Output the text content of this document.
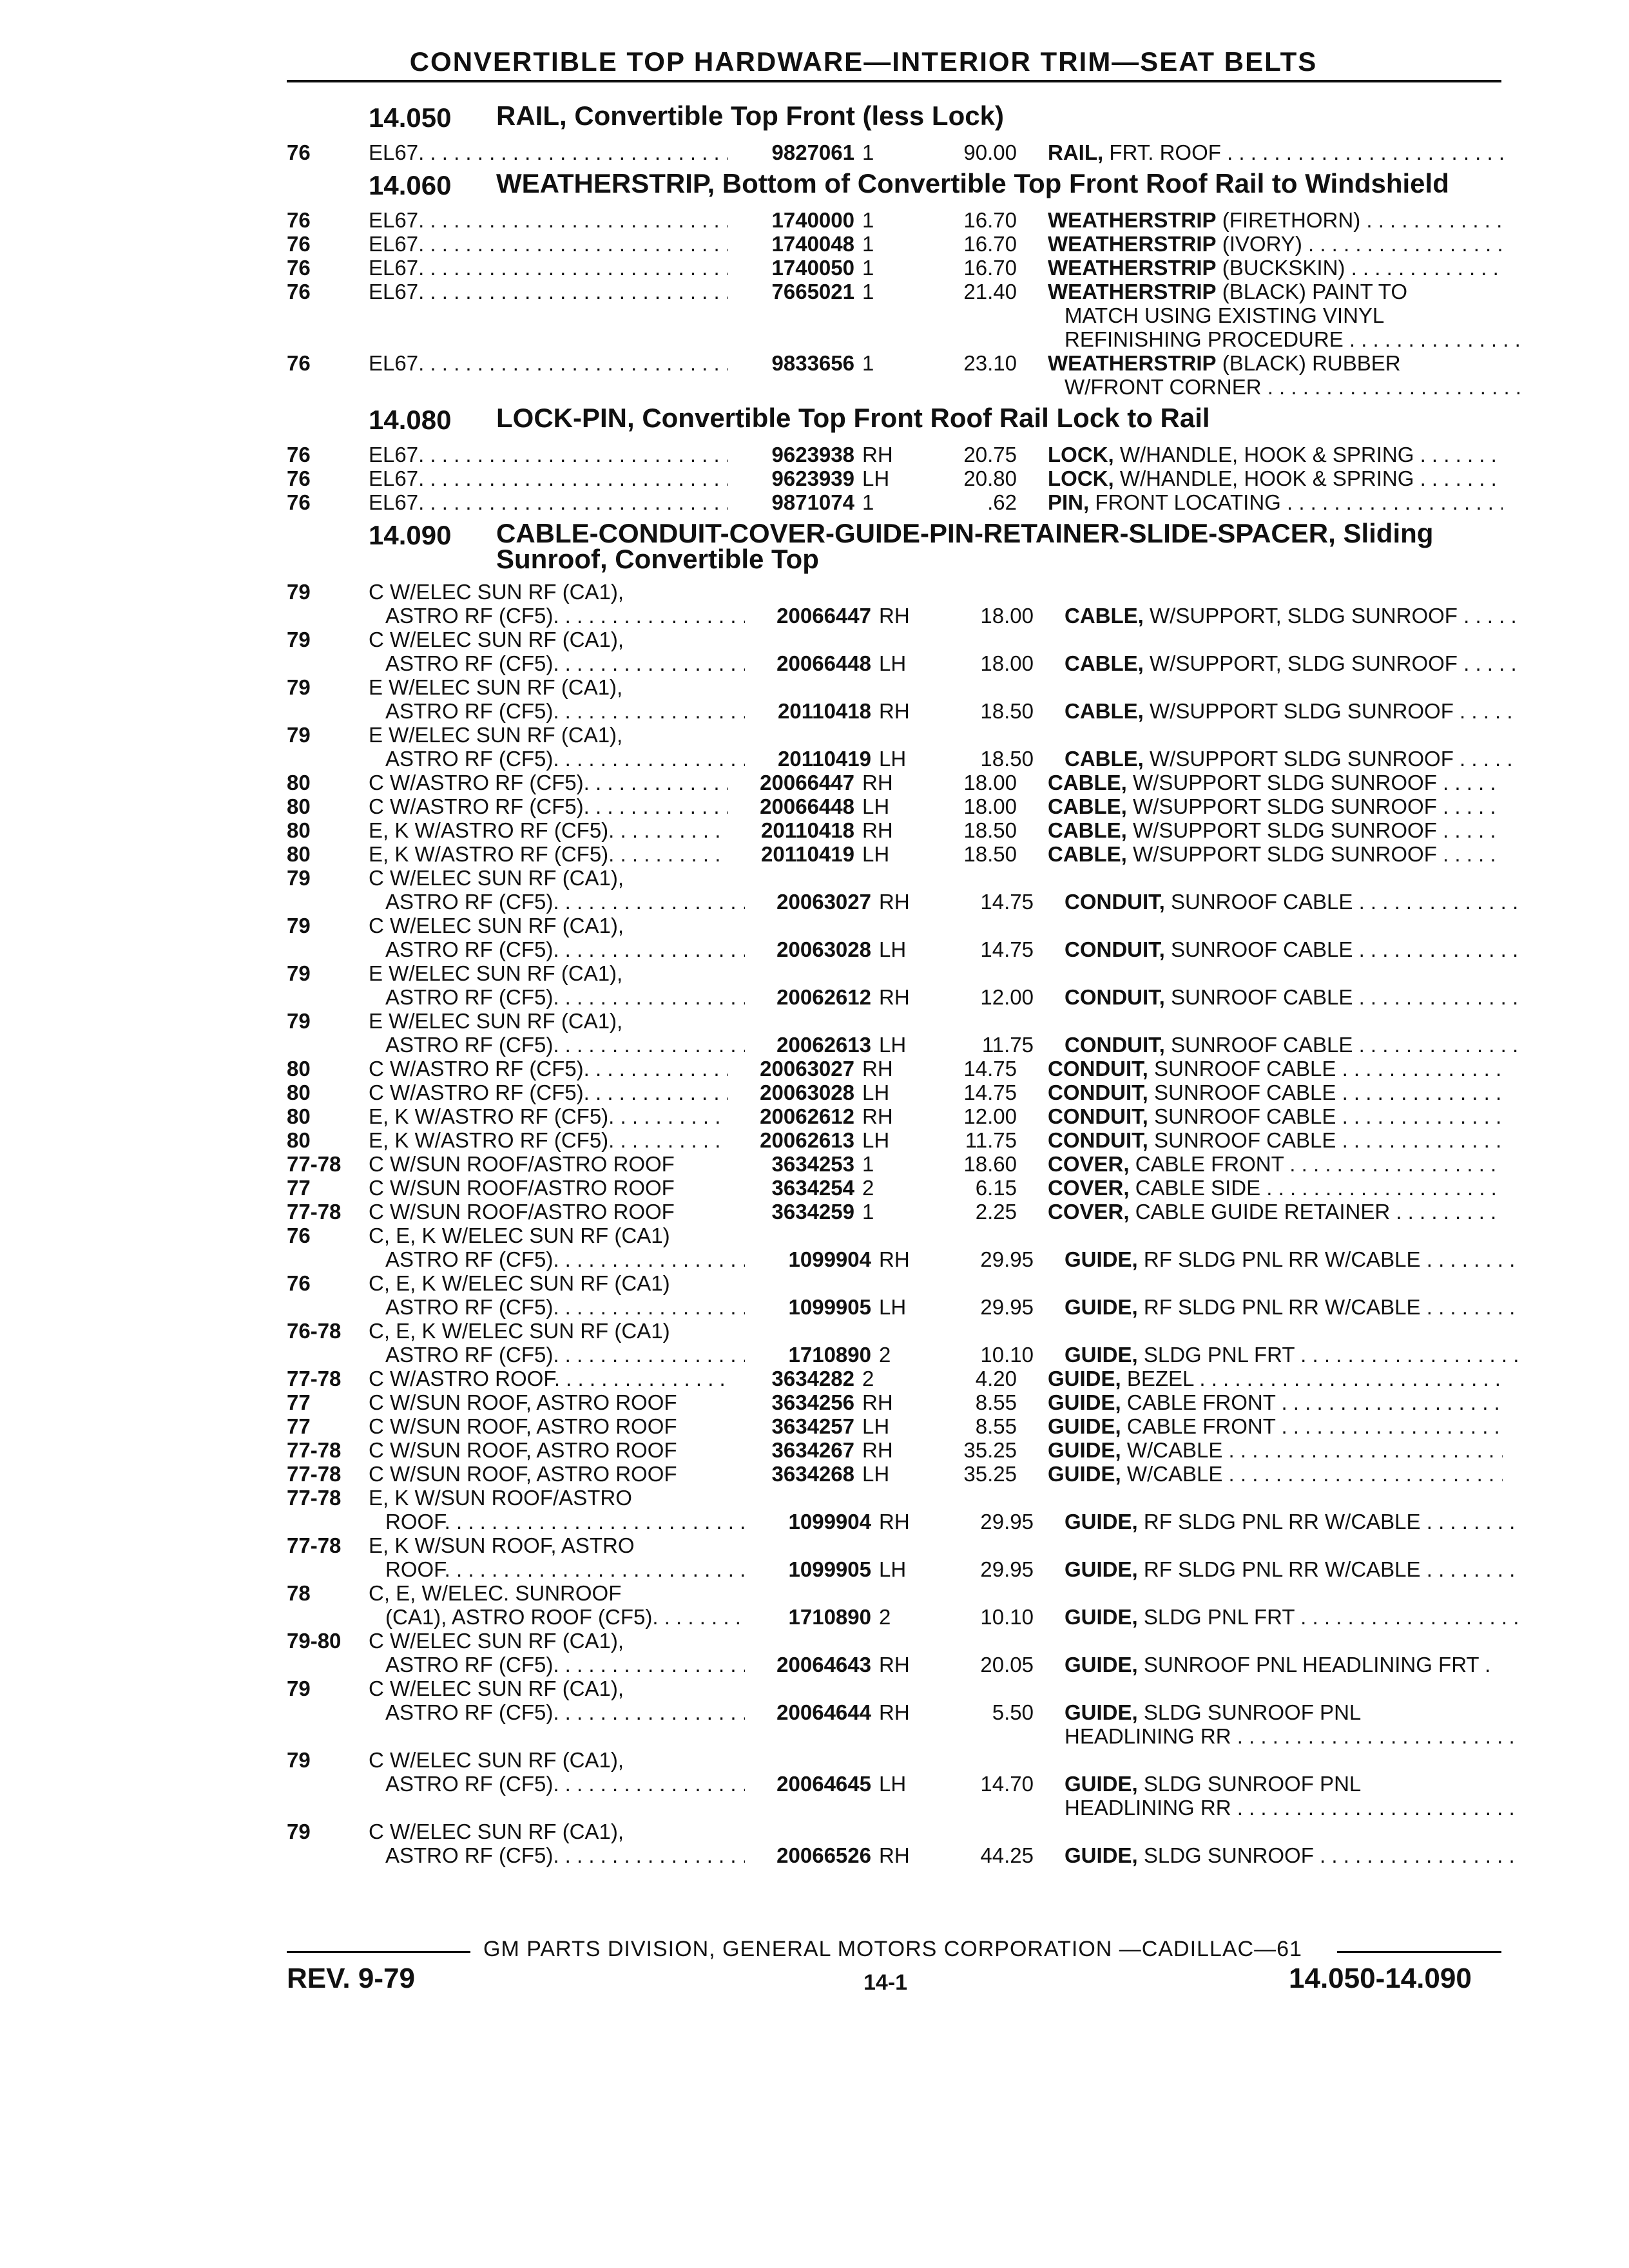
CONVERTIBLE TOP HARDWARE—INTERIOR TRIM—SEAT BELTS
14.050	RAIL, Convertible Top Front (less Lock)
76	EL67 . . .	9827061 1	90.00	RAIL, FRT. ROOF . . .
14.060	WEATHERSTRIP, Bottom of Convertible Top Front Roof Rail to Windshield
76	EL67 . . .	1740000 1	16.70	WEATHERSTRIP (FIRETHORN) . . .
76	EL67 . . .	1740048 1	16.70	WEATHERSTRIP (IVORY) . . .
76	EL67 . . .	1740050 1	16.70	WEATHERSTRIP (BUCKSKIN) . . .
76	EL67 . . .	7665021 1	21.40	WEATHERSTRIP (BLACK) PAINT TO
MATCH USING EXISTING VINYL
REFINISHING PROCEDURE . . .
76	EL67 . . .	9833656 1	23.10	WEATHERSTRIP (BLACK) RUBBER
W/FRONT CORNER . . .
14.080	LOCK-PIN, Convertible Top Front Roof Rail Lock to Rail
76	EL67 . . .	9623938 RH	20.75	LOCK, W/HANDLE, HOOK & SPRING . . .
76	EL67 . . .	9623939 LH	20.80	LOCK, W/HANDLE, HOOK & SPRING . . .
76	EL67 . . .	9871074 1	.62	PIN, FRONT LOCATING . . .
14.090	CABLE-CONDUIT-COVER-GUIDE-PIN-RETAINER-SLIDE-SPACER, Sliding Sunroof, Convertible Top
79	C W/ELEC SUN RF (CA1),
ASTRO RF (CF5) . . .	20066447 RH	18.00	CABLE, W/SUPPORT, SLDG SUNROOF . . .
79	C W/ELEC SUN RF (CA1),
ASTRO RF (CF5) . . .	20066448 LH	18.00	CABLE, W/SUPPORT, SLDG SUNROOF . . .
79	E W/ELEC SUN RF (CA1),
ASTRO RF (CF5) . . .	20110418 RH	18.50	CABLE, W/SUPPORT SLDG SUNROOF . . .
79	E W/ELEC SUN RF (CA1),
ASTRO RF (CF5) . . .	20110419 LH	18.50	CABLE, W/SUPPORT SLDG SUNROOF . . .
80	C W/ASTRO RF (CF5) . . .	20066447 RH	18.00	CABLE, W/SUPPORT SLDG SUNROOF . . .
80	C W/ASTRO RF (CF5) . . .	20066448 LH	18.00	CABLE, W/SUPPORT SLDG SUNROOF . . .
80	E, K W/ASTRO RF (CF5) . . .	20110418 RH	18.50	CABLE, W/SUPPORT SLDG SUNROOF . . .
80	E, K W/ASTRO RF (CF5) . . .	20110419 LH	18.50	CABLE, W/SUPPORT SLDG SUNROOF . . .
79	C W/ELEC SUN RF (CA1),
ASTRO RF (CF5) . . .	20063027 RH	14.75	CONDUIT, SUNROOF CABLE . . .
79	C W/ELEC SUN RF (CA1),
ASTRO RF (CF5) . . .	20063028 LH	14.75	CONDUIT, SUNROOF CABLE . . .
79	E W/ELEC SUN RF (CA1),
ASTRO RF (CF5) . . .	20062612 RH	12.00	CONDUIT, SUNROOF CABLE . . .
79	E W/ELEC SUN RF (CA1),
ASTRO RF (CF5) . . .	20062613 LH	11.75	CONDUIT, SUNROOF CABLE . . .
80	C W/ASTRO RF (CF5) . . .	20063027 RH	14.75	CONDUIT, SUNROOF CABLE . . .
80	C W/ASTRO RF (CF5) . . .	20063028 LH	14.75	CONDUIT, SUNROOF CABLE . . .
80	E, K W/ASTRO RF (CF5) . . .	20062612 RH	12.00	CONDUIT, SUNROOF CABLE . . .
80	E, K W/ASTRO RF (CF5) . . .	20062613 LH	11.75	CONDUIT, SUNROOF CABLE . . .
77-78	C W/SUN ROOF/ASTRO ROOF	3634253 1	18.60	COVER, CABLE FRONT . . .
77	C W/SUN ROOF/ASTRO ROOF	3634254 2	6.15	COVER, CABLE SIDE . . .
77-78	C W/SUN ROOF/ASTRO ROOF	3634259 1	2.25	COVER, CABLE GUIDE RETAINER . . .
76	C, E, K W/ELEC SUN RF (CA1)
ASTRO RF (CF5) . . .	1099904 RH	29.95	GUIDE, RF SLDG PNL RR W/CABLE . . .
76	C, E, K W/ELEC SUN RF (CA1)
ASTRO RF (CF5) . . .	1099905 LH	29.95	GUIDE, RF SLDG PNL RR W/CABLE . . .
76-78	C, E, K W/ELEC SUN RF (CA1)
ASTRO RF (CF5) . . .	1710890 2	10.10	GUIDE, SLDG PNL FRT . . .
77-78	C W/ASTRO ROOF . . .	3634282 2	4.20	GUIDE, BEZEL . . .
77	C W/SUN ROOF, ASTRO ROOF	3634256 RH	8.55	GUIDE, CABLE FRONT . . .
77	C W/SUN ROOF, ASTRO ROOF	3634257 LH	8.55	GUIDE, CABLE FRONT . . .
77-78	C W/SUN ROOF, ASTRO ROOF	3634267 RH	35.25	GUIDE, W/CABLE . . .
77-78	C W/SUN ROOF, ASTRO ROOF	3634268 LH	35.25	GUIDE, W/CABLE . . .
77-78	E, K W/SUN ROOF/ASTRO
ROOF . . .	1099904 RH	29.95	GUIDE, RF SLDG PNL RR W/CABLE . . .
77-78	E, K W/SUN ROOF, ASTRO
ROOF . . .	1099905 LH	29.95	GUIDE, RF SLDG PNL RR W/CABLE . . .
78	C, E, W/ELEC. SUNROOF
(CA1), ASTRO ROOF (CF5) . . .	1710890 2	10.10	GUIDE, SLDG PNL FRT . . .
79-80	C W/ELEC SUN RF (CA1),
ASTRO RF (CF5) . . .	20064643 RH	20.05	GUIDE, SUNROOF PNL HEADLINING FRT .
79	C W/ELEC SUN RF (CA1),
ASTRO RF (CF5) . . .	20064644 RH	5.50	GUIDE, SLDG SUNROOF PNL
HEADLINING RR . . .
79	C W/ELEC SUN RF (CA1),
ASTRO RF (CF5) . . .	20064645 LH	14.70	GUIDE, SLDG SUNROOF PNL
HEADLINING RR . . .
79	C W/ELEC SUN RF (CA1),
ASTRO RF (CF5) . . .	20066526 RH	44.25	GUIDE, SLDG SUNROOF . . .
GM PARTS DIVISION, GENERAL MOTORS CORPORATION —CADILLAC—61
REV. 9-79	14-1	14.050-14.090
